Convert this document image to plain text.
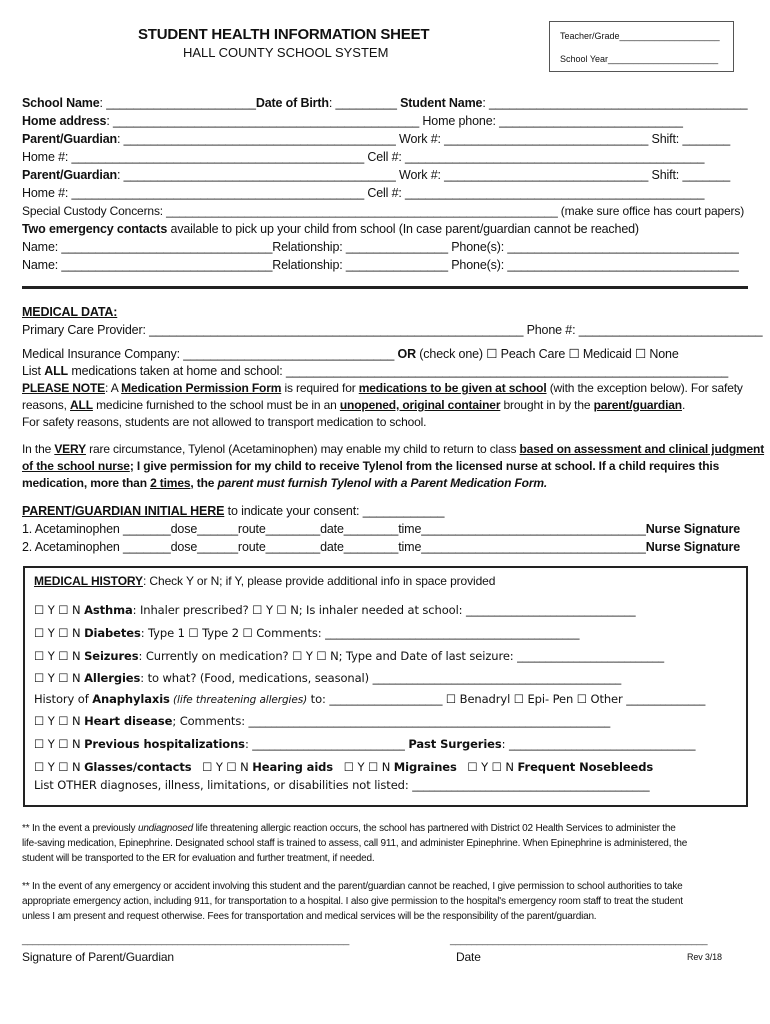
STUDENT HEALTH INFORMATION SHEET
HALL COUNTY SCHOOL SYSTEM
Teacher/Grade____________________
School Year______________________
School Name: ______________________Date of Birth: _________ Student Name: ______________________________________
Home address: _____________________________________________ Home phone: ___________________________
Parent/Guardian: ________________________________________ Work #: ______________________________ Shift: _______
Home #: ___________________________________________ Cell #: ____________________________________________
Parent/Guardian: ________________________________________ Work #: ______________________________ Shift: _______
Home #: ___________________________________________ Cell #: ____________________________________________
Special Custody Concerns: ____________________________________________________________ (make sure office has court papers)
Two emergency contacts available to pick up your child from school (In case parent/guardian cannot be reached)
Name: _______________________________Relationship: _______________ Phone(s): __________________________________
Name: _______________________________Relationship: _______________ Phone(s): __________________________________
MEDICAL DATA:
Primary Care Provider: _______________________________________________________ Phone #: ___________________________
Medical Insurance Company: _______________________________ OR (check one) ☐ Peach Care ☐ Medicaid ☐ None
List ALL medications taken at home and school: _________________________________________________________________
PLEASE NOTE: A Medication Permission Form is required for medications to be given at school (with the exception below). For safety
reasons, ALL medicine furnished to the school must be in an unopened, original container brought in by the parent/guardian.
For safety reasons, students are not allowed to transport medication to school.
In the VERY rare circumstance, Tylenol (Acetaminophen) may enable my child to return to class based on assessment and clinical judgment
of the school nurse; I give permission for my child to receive Tylenol from the licensed nurse at school. If a child requires this
medication, more than 2 times, the parent must furnish Tylenol with a Parent Medication Form.
PARENT/GUARDIAN INITIAL HERE to indicate your consent: ____________
1. Acetaminophen _______dose______route________date________time_________________________________Nurse Signature
2. Acetaminophen _______dose______route________date________time_________________________________Nurse Signature
MEDICAL HISTORY: Check Y or N; if Y, please provide additional info in space provided
☐ Y ☐ N Asthma: Inhaler prescribed? ☐ Y ☐ N; Is inhaler needed at school: ______________________________
☐ Y ☐ N Diabetes: Type 1 ☐ Type 2 ☐ Comments: _____________________________________________
☐ Y ☐ N Seizures: Currently on medication? ☐ Y ☐ N; Type and Date of last seizure: __________________________
☐ Y ☐ N Allergies: to what? (Food, medications, seasonal) ____________________________________________
History of Anaphylaxis (life threatening allergies) to: ____________________ ☐ Benadryl ☐ Epi- Pen ☐ Other ______________
☐ Y ☐ N Heart disease; Comments: ________________________________________________________________
☐ Y ☐ N Previous hospitalizations: ___________________________ Past Surgeries: _________________________________
☐ Y ☐ N Glasses/contacts   ☐ Y ☐ N Hearing aids   ☐ Y ☐ N Migraines   ☐ Y ☐ N Frequent Nosebleeds
List OTHER diagnoses, illness, limitations, or disabilities not listed: __________________________________________
** In the event a previously undiagnosed life threatening allergic reaction occurs, the school has partnered with District 02 Health Services to administer the
life-saving medication, Epinephrine. Designated school staff is trained to assess, call 911, and administer Epinephrine. When Epinephrine is administered, the
student will be transported to the ER for evaluation and further treatment, if needed.
** In the event of any emergency or accident involving this student and the parent/guardian cannot be reached, I give permission to school authorities to take
appropriate emergency action, including 911, for transportation to a hospital. I also give permission to the hospital's emergency room staff to treat the student
unless I am present and request otherwise. Fees for transportation and medical services will be the responsibility of the parent/guardian.
_____________________________________________________________	________________________________________________
Signature of Parent/Guardian	Date	Rev 3/18
